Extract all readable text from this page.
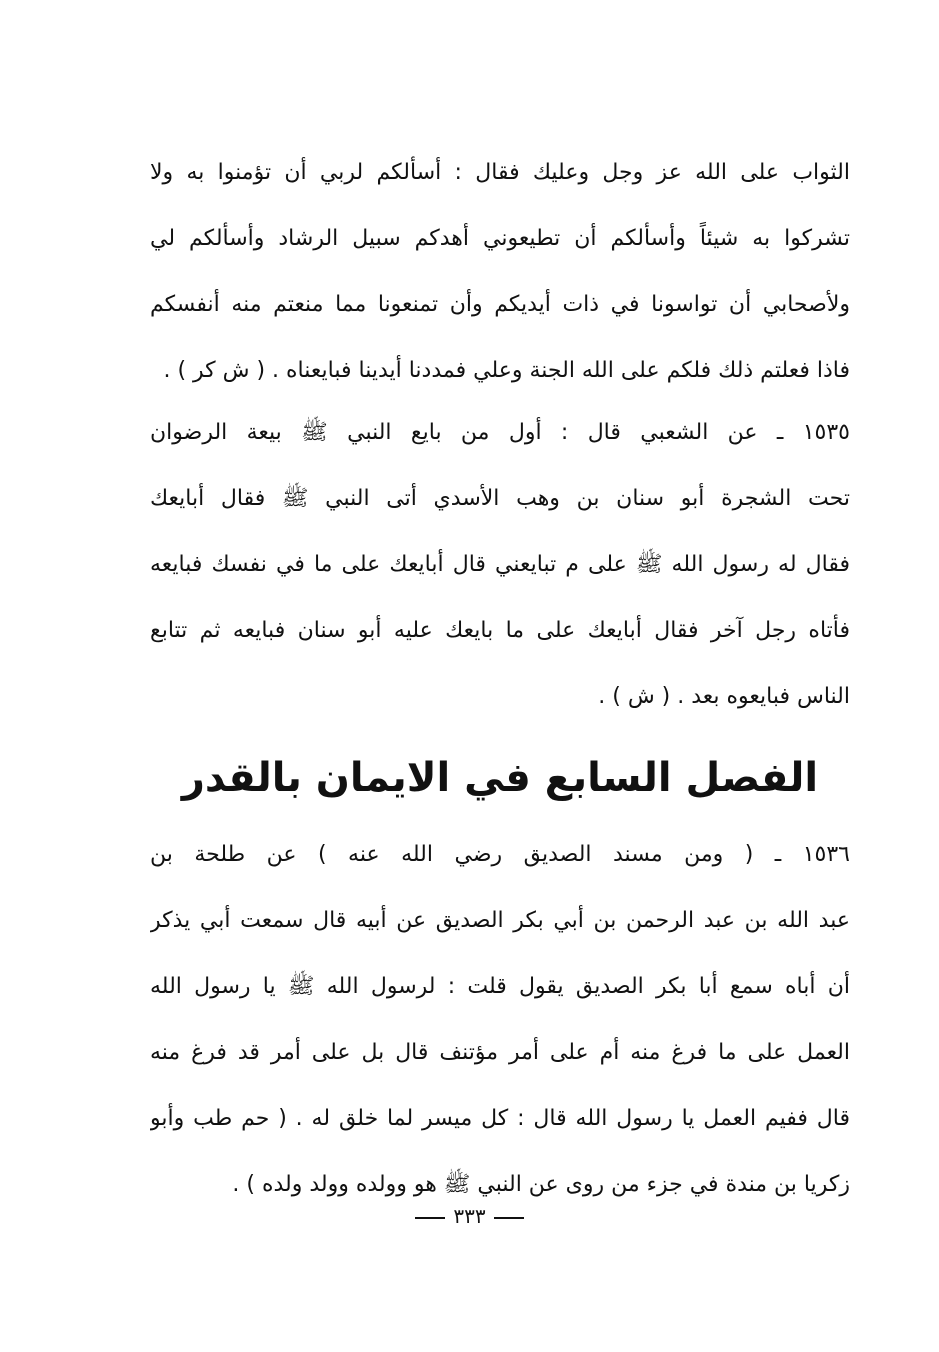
الثواب على الله عز وجل وعليك فقال : أسألكم لربي أن تؤمنوا به ولا
تشركوا به شيئاً وأسألكم أن تطيعوني أهدكم سبيل الرشاد وأسألكم لي
ولأصحابي أن تواسونا في ذات أيديكم وأن تمنعونا مما منعتم منه أنفسكم
فاذا فعلتم ذلك فلكم على الله الجنة وعلي فمددنا أيدينا فبايعناه . ( ش كر ) .
١٥٣٥ ـ عن الشعبي قال : أول من بايع النبي ﷺ بيعة الرضوان
تحت الشجرة أبو سنان بن وهب الأسدي أتى النبي ﷺ فقال أبايعك
فقال له رسول الله ﷺ على م تبايعني قال أبايعك على ما في نفسك فبايعه
فأتاه رجل آخر فقال أبايعك على ما بايعك عليه أبو سنان فبايعه ثم تتابع
الناس فبايعوه بعد . ( ش ) .
الفصل السابع في الايمان بالقدر
١٥٣٦ ـ ( ومن مسند الصديق رضي الله عنه ) عن طلحة بن
عبد الله بن عبد الرحمن بن أبي بكر الصديق عن أبيه قال سمعت أبي يذكر
أن أباه سمع أبا بكر الصديق يقول قلت : لرسول الله ﷺ يا رسول الله
العمل على ما فرغ منه أم على أمر مؤتنف قال بل على أمر قد فرغ منه
قال ففيم العمل يا رسول الله قال : كل ميسر لما خلق له . ( حم طب وأبو
زكريا بن مندة في جزء من روى عن النبي ﷺ هو وولده وولد ولده ) .
٣٣٣
